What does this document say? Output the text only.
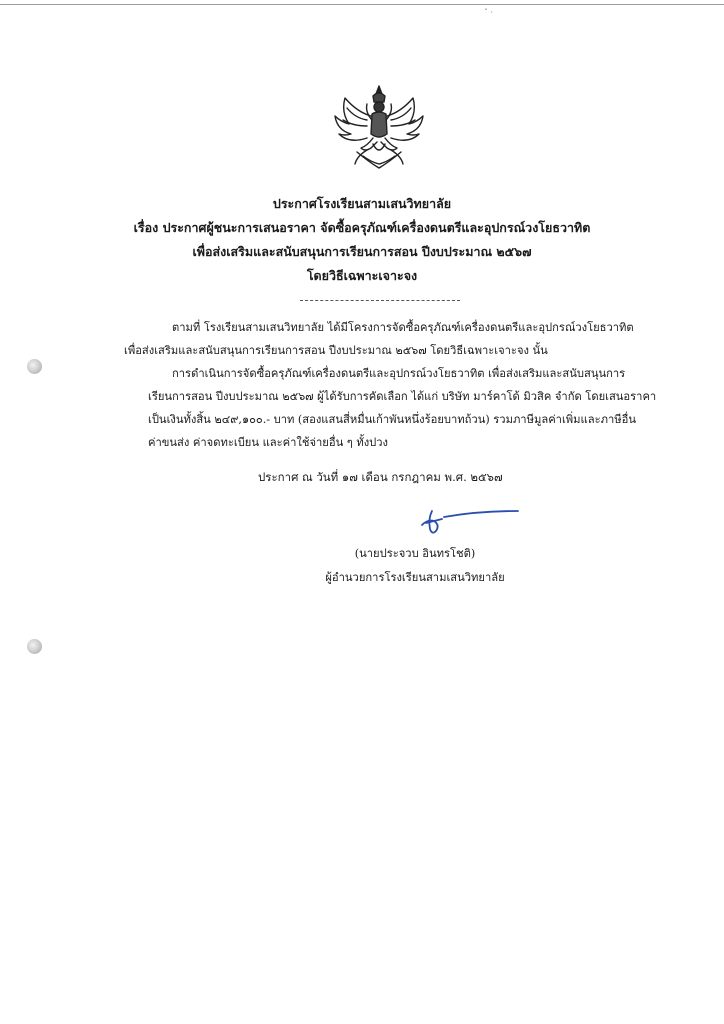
ˇ ·
ประกาศโรงเรียนสามเสนวิทยาลัย
เรื่อง ประกาศผู้ชนะการเสนอราคา จัดซื้อครุภัณฑ์เครื่องดนตรีและอุปกรณ์วงโยธวาทิต
เพื่อส่งเสริมและสนับสนุนการเรียนการสอน ปีงบประมาณ ๒๕๖๗
โดยวิธีเฉพาะเจาะจง
ตามที่ โรงเรียนสามเสนวิทยาลัย ได้มีโครงการจัดซื้อครุภัณฑ์เครื่องดนตรีและอุปกรณ์วงโยธวาทิต
เพื่อส่งเสริมและสนับสนุนการเรียนการสอน ปีงบประมาณ ๒๕๖๗ โดยวิธีเฉพาะเจาะจง นั้น
การดำเนินการจัดซื้อครุภัณฑ์เครื่องดนตรีและอุปกรณ์วงโยธวาทิต เพื่อส่งเสริมและสนับสนุนการ
เรียนการสอน ปีงบประมาณ ๒๕๖๗ ผู้ได้รับการคัดเลือก ได้แก่ บริษัท มาร์คาโด้ มิวสิค จำกัด โดยเสนอราคา
เป็นเงินทั้งสิ้น ๒๔๙,๑๐๐.- บาท (สองแสนสี่หมื่นเก้าพันหนึ่งร้อยบาทถ้วน) รวมภาษีมูลค่าเพิ่มและภาษีอื่น
ค่าขนส่ง ค่าจดทะเบียน และค่าใช้จ่ายอื่น ๆ ทั้งปวง
ประกาศ ณ วันที่ ๑๗ เดือน กรกฎาคม พ.ศ. ๒๕๖๗
(นายประจวบ อินทรโชติ)
ผู้อำนวยการโรงเรียนสามเสนวิทยาลัย
